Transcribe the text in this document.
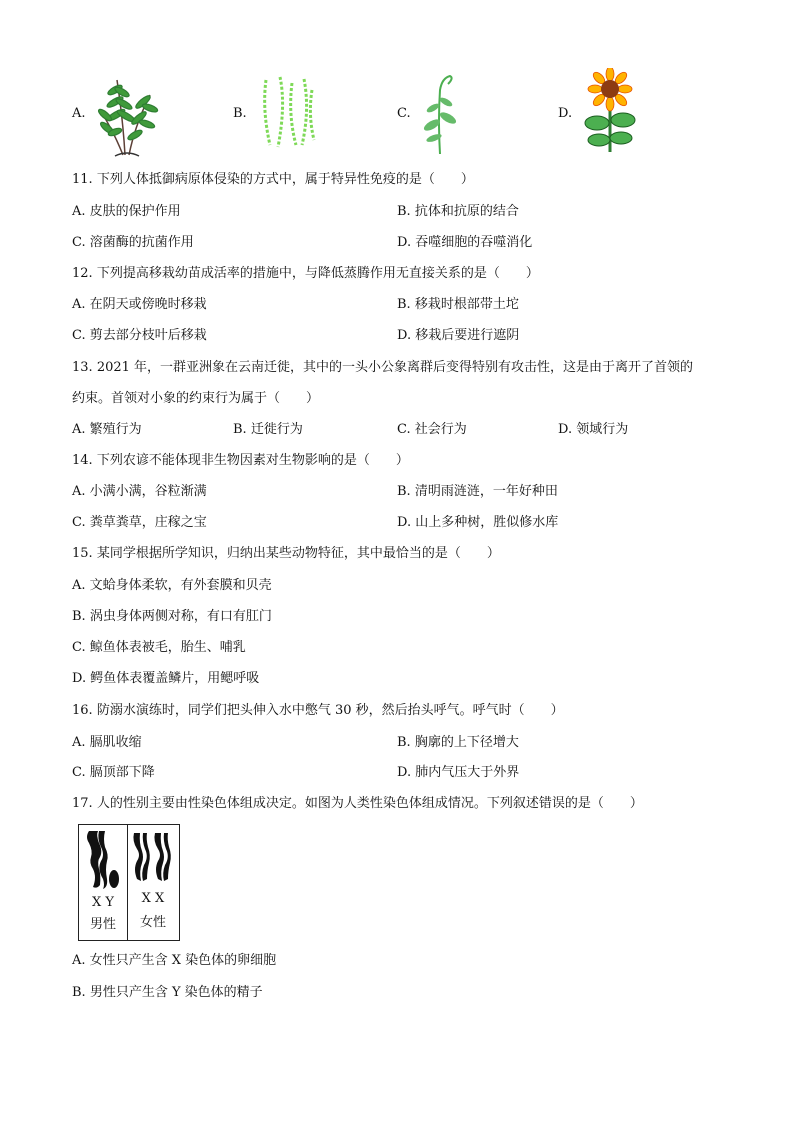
A.	B.	C.	D.
11. 下列人体抵御病原体侵染的方式中，属于特异性免疫的是（　　）
A. 皮肤的保护作用	B. 抗体和抗原的结合
C. 溶菌酶的抗菌作用	D. 吞噬细胞的吞噬消化
12. 下列提高移栽幼苗成活率的措施中，与降低蒸腾作用无直接关系的是（　　）
A. 在阴天或傍晚时移栽	B. 移栽时根部带土坨
C. 剪去部分枝叶后移栽	D. 移栽后要进行遮阴
13. 2021 年，一群亚洲象在云南迁徙，其中的一头小公象离群后变得特别有攻击性，这是由于离开了首领的
约束。首领对小象的约束行为属于（　　）
A. 繁殖行为	B. 迁徙行为	C. 社会行为	D. 领域行为
14. 下列农谚不能体现非生物因素对生物影响的是（　　）
A. 小满小满，谷粒渐满	B. 清明雨涟涟，一年好种田
C. 粪草粪草，庄稼之宝	D. 山上多种树，胜似修水库
15. 某同学根据所学知识，归纳出某些动物特征，其中最恰当的是（　　）
A. 文蛤身体柔软，有外套膜和贝壳
B. 涡虫身体两侧对称，有口有肛门
C. 鲸鱼体表被毛，胎生、哺乳
D. 鳄鱼体表覆盖鳞片，用鳃呼吸
16. 防溺水演练时，同学们把头伸入水中憋气 30 秒，然后抬头呼气。呼气时（　　）
A. 膈肌收缩	B. 胸廓的上下径增大
C. 膈顶部下降	D. 肺内气压大于外界
17. 人的性别主要由性染色体组成决定。如图为人类性染色体组成情况。下列叙述错误的是（　　）
X Y
男性
X X
女性
A. 女性只产生含 X 染色体的卵细胞
B. 男性只产生含 Y 染色体的精子
